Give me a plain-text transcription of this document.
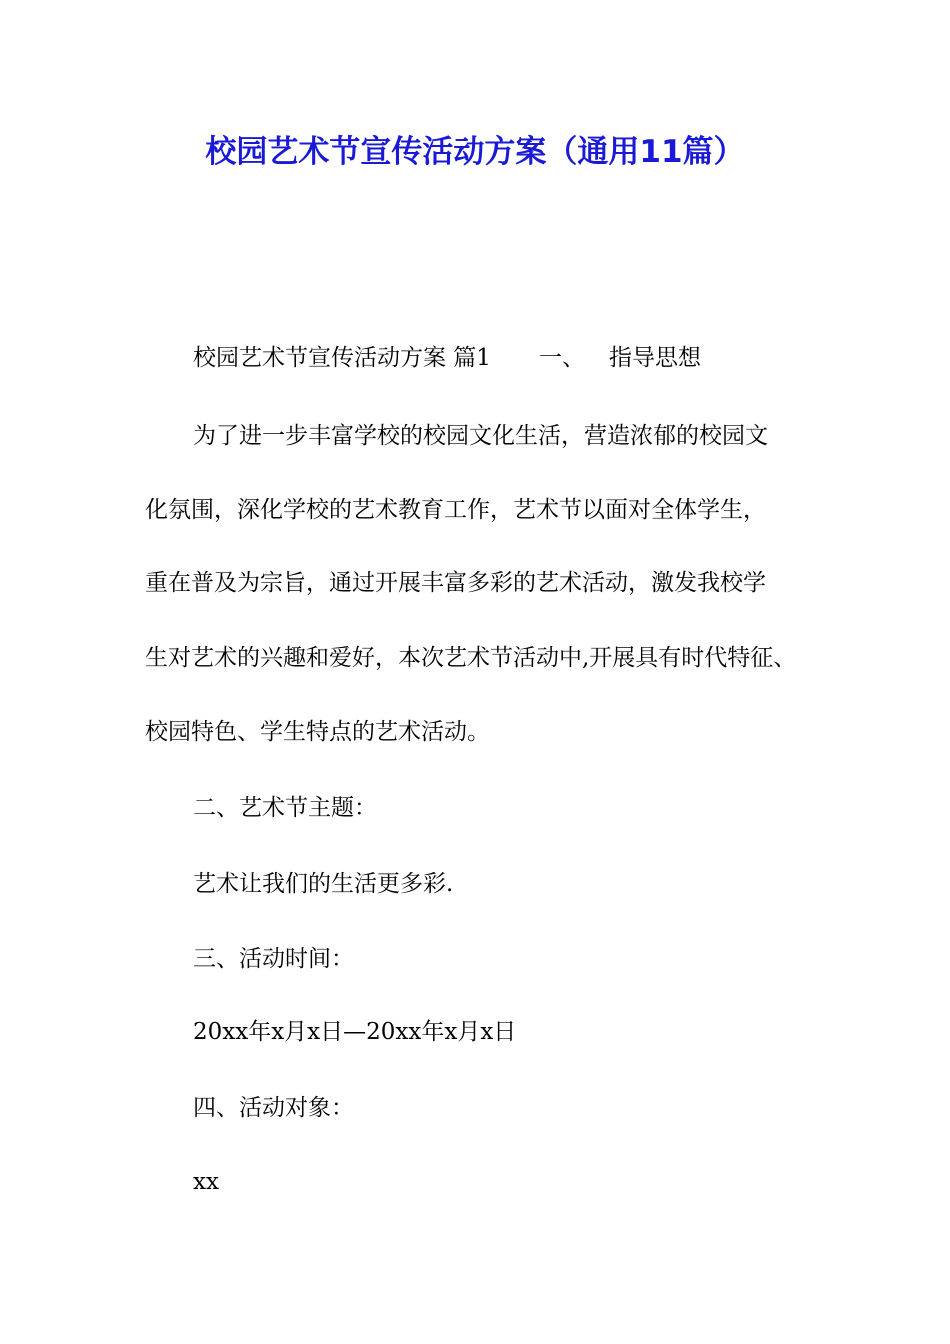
校园艺术节宣传活动方案（通用11篇）

校园艺术节宣传活动方案 篇1 一、 指导思想

为了进一步丰富学校的校园文化生活，营造浓郁的校园文

化氛围，深化学校的艺术教育工作，艺术节以面对全体学生，

重在普及为宗旨，通过开展丰富多彩的艺术活动，激发我校学

生对艺术的兴趣和爱好，本次艺术节活动中,开展具有时代特征、

校园特色、学生特点的艺术活动。

二、艺术节主题：

艺术让我们的生活更多彩.

三、活动时间：

20xx年x月x日—20xx年x月x日

四、活动对象：

xx
